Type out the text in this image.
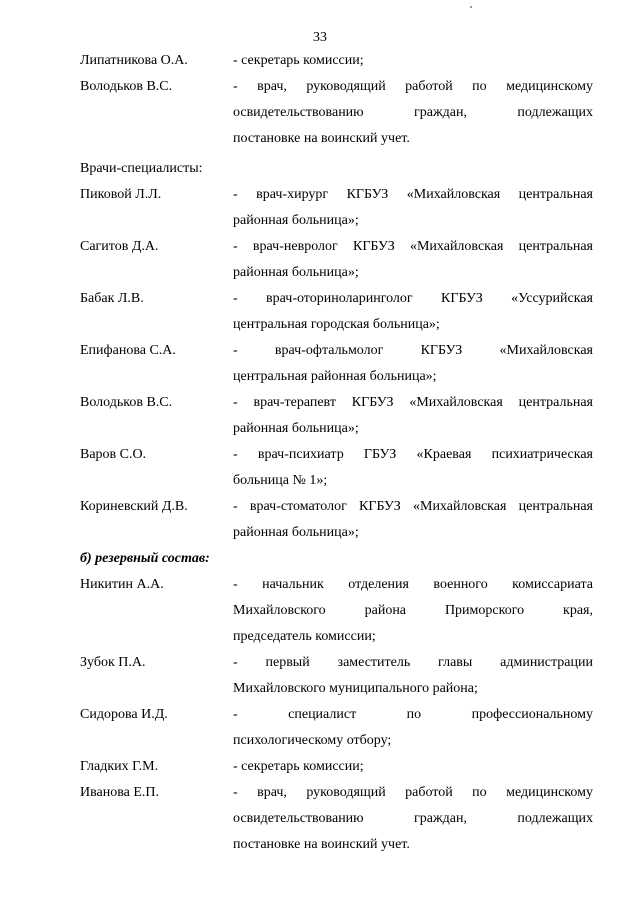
33
Липатникова О.А.	- секретарь комиссии;
Володьков В.С.	- врач, руководящий работой по медицинскому
освидетельствованию граждан, подлежащих
постановке на воинский учет.
Врачи-специалисты:
Пиковой Л.Л.	- врач-хирург КГБУЗ «Михайловская центральная
районная больница»;
Сагитов Д.А.	- врач-невролог КГБУЗ «Михайловская центральная
районная больница»;
Бабак Л.В.	- врач-оториноларинголог КГБУЗ «Уссурийская
центральная городская больница»;
Епифанова С.А.	- врач-офтальмолог КГБУЗ «Михайловская
центральная районная больница»;
Володьков В.С.	- врач-терапевт КГБУЗ «Михайловская центральная
районная больница»;
Варов С.О.	- врач-психиатр ГБУЗ «Краевая психиатрическая
больница № 1»;
Кориневский Д.В.	- врач-стоматолог КГБУЗ «Михайловская центральная
районная больница»;
б) резервный состав:
Никитин А.А.	- начальник отделения военного комиссариата
Михайловского района Приморского края,
председатель комиссии;
Зубок П.А.	- первый заместитель главы администрации
Михайловского муниципального района;
Сидорова И.Д.	- специалист по профессиональному
психологическому отбору;
Гладких Г.М.	- секретарь комиссии;
Иванова Е.П.	- врач, руководящий работой по медицинскому
освидетельствованию граждан, подлежащих
постановке на воинский учет.
